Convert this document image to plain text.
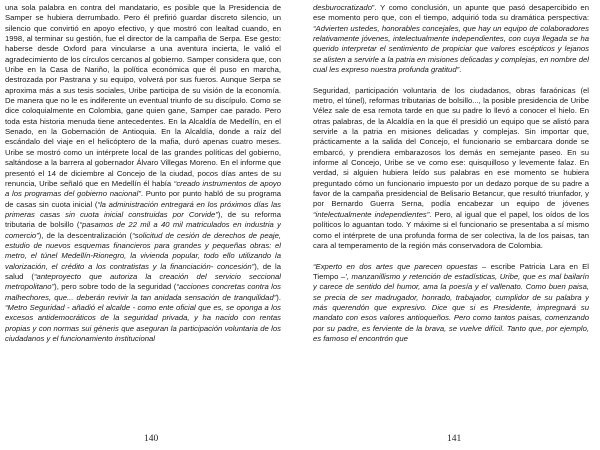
una sola palabra en contra del mandatario, es posible que la Presidencia de Samper se hubiera derrumbado. Pero él prefirió guardar discreto silencio, un silencio que convirtió en apoyo efectivo, y que mostró con lealtad cuando, en 1998, al terminar su gestión, fue el director de la campaña de Serpa. Ese gesto: haberse desde Oxford para vincularse a una aventura incierta, le valió el agradecimiento de los círculos cercanos al gobierno. Samper considera que, con Uribe en la Casa de Nariño, la política económica que él puso en marcha, destrozada por Pastrana y su equipo, volverá por sus fueros. Aunque Serpa se aproxima más a sus tesis sociales, Uribe participa de su visión de la economía. De manera que no le es indiferente un eventual triunfo de su discípulo. Como se dice coloquialmente en Colombia, gane quien gane, Samper cae parado. Pero toda esta historia menuda tiene antecedentes. En la Alcaldía de Medellín, en el Senado, en la Gobernación de Antioquia. En la Alcaldía, donde a raíz del escándalo del viaje en el helicóptero de la mafia, duró apenas cuatro meses. Uribe se mostró como un intérprete local de las grandes políticas del gobierno, saltándose a la barrera al gobernador Álvaro Villegas Moreno. En el informe que presentó el 14 de diciembre al Concejo de la ciudad, pocos días antes de su renuncia, Uribe señaló que en Medellín él había “creado instrumentos de apoyo a los programas del gobierno nacional”. Punto por punto habló de su programa de casas sin cuota inicial (“la administración entregará en los próximos días las primeras casas sin cuota inicial construidas por Corvide”), de su reforma tributaria de bolsillo (“pasamos de 22 mil a 40 mil matriculados en industria y comercio”), de la descentralización (“solicitud de cesión de derechos de peaje, estudio de nuevos esquemas financieros para grandes y pequeñas obras: el metro, el túnel Medellín-Rionegro, la vivienda popular, todo ello utilizando la valorización, el crédito a los contratistas y la financiación- concesión”), de la salud (“anteproyecto que autoriza la creación del servicio seccional metropolitano”), pero sobre todo de la seguridad (“acciones concretas contra los malhechores, que... deberán revivir la tan anidada sensación de tranquilidad”). “Metro Seguridad - añadió el alcalde - como ente oficial que es, se oponga a los excesos antidemocráticos de la seguridad privada, y ha nacido con rentas propias y con normas sui géneris que aseguran la participación voluntaria de los ciudadanos y el funcionamiento institucional

140

desburocratizado”. Y como conclusión, un apunte que pasó desapercibido en ese momento pero que, con el tiempo, adquirió toda su dramática perspectiva: “Advierten ustedes, honorables concejales, que hay un equipo de colaboradores relativamente jóvenes, intelectualmente independientes, con cuya llegada se ha querido interpretar el sentimiento de propiciar que valores escépticos y lejanos se alisten a servirle a la patria en misiones delicadas y complejas, en nombre del cual les expreso nuestra profunda gratitud”.

Seguridad, participación voluntaria de los ciudadanos, obras faraónicas (el metro, el túnel), reformas tributarias de bolsillo..., la posible presidencia de Uribe Vélez sale de esa remota tarde en que su padre lo llevó a conocer el hielo. En otras palabras, de la Alcaldía en la que él presidió un equipo que se alistó para servirle a la patria en misiones delicadas y complejas. Sin importar que, prácticamente a la salida del Concejo, el funcionario se embarcara donde se embarcó, y prendiera embarazosos los demás en semejante paseo. En su informe al Concejo, Uribe se ve como ese: quisquilloso y levemente falaz. En verdad, si alguien hubiera leído sus palabras en ese momento se hubiera preguntado cómo un funcionario impuesto por un dedazo porque de su padre a favor de la campaña presidencial de Belisario Betancur, que resultó triunfador, y por Bernardo Guerra Serna, podía encabezar un equipo de jóvenes “intelectualmente independientes”. Pero, al igual que el papel, los oídos de los políticos lo aguantan todo. Y máxime si el funcionario se presentaba a sí mismo como el intérprete de una profunda forma de ser colectiva, la de los paisas, tan cara al temperamento de la región más conservadora de Colombia.

“Experto en dos artes que parecen opuestas – escribe Patricia Lara en El Tiempo –’, manzanillismo y retención de estadísticas, Uribe, que es mal bailarín y carece de sentido del humor, ama la poesía y el vallenato. Como buen paisa, se precia de ser madrugador, honrado, trabajador, cumplidor de su palabra y más querendón que expresivo. Dice que si es Presidente, impregnará su mandato con esos valores antioqueños. Pero como tantos paisas, comenzando por su padre, es ferviente de la brava, se vuelve difícil. Tanto que, por ejemplo, es famoso el encontrón que

141
